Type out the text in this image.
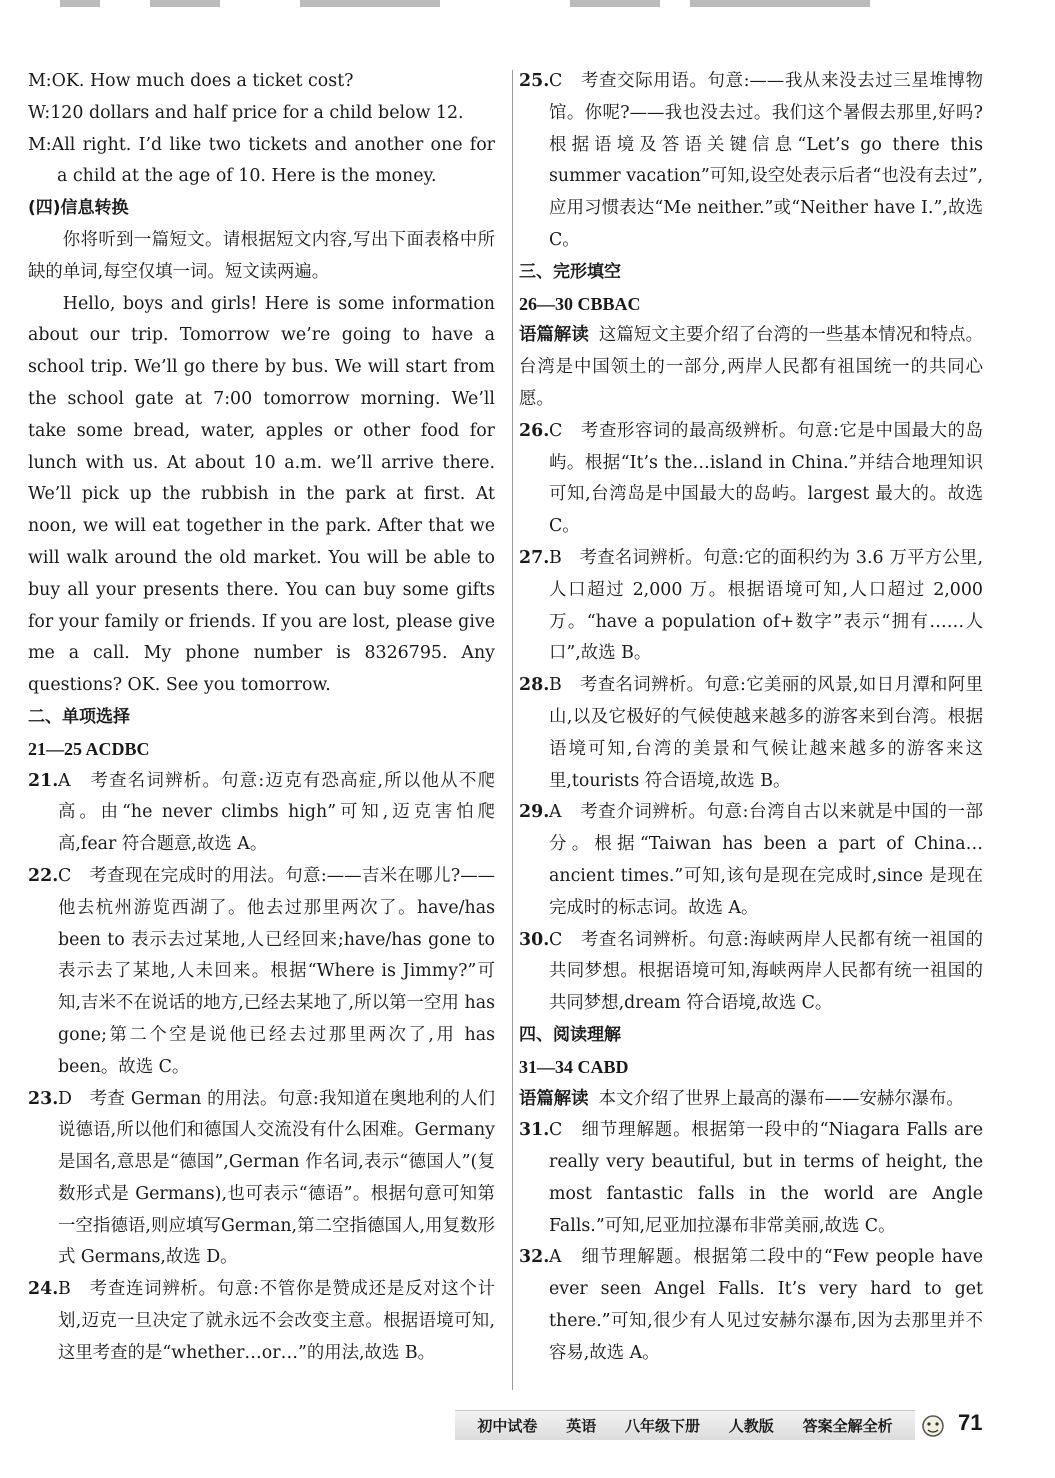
M:OK. How much does a ticket cost?

W:120 dollars and half price for a child below 12.

M:All right. I’d like two tickets and another one for a child at the age of 10. Here is the money.

(四)信息转换

你将听到一篇短文。请根据短文内容,写出下面表格中所缺的单词,每空仅填一词。短文读两遍。

Hello, boys and girls! Here is some information about our trip. Tomorrow we’re going to have a school trip. We’ll go there by bus. We will start from the school gate at 7:00 tomorrow morning. We’ll take some bread, water, apples or other food for lunch with us. At about 10 a.m. we’ll arrive there. We’ll pick up the rubbish in the park at first. At noon, we will eat together in the park. After that we will walk around the old market. You will be able to buy all your presents there. You can buy some gifts for your family or friends. If you are lost, please give me a call. My phone number is 8326795. Any questions? OK. See you tomorrow.

二、单项选择

21—25 ACDBC

21. A　考查名词辨析。句意:迈克有恐高症,所以他从不爬高。由“he never climbs high”可知,迈克害怕爬高,fear 符合题意,故选 A。
22. C　考查现在完成时的用法。句意:——吉米在哪儿?——他去杭州游览西湖了。他去过那里两次了。have/has been to 表示去过某地,人已经回来;have/has gone to 表示去了某地,人未回来。根据“Where is Jimmy?”可知,吉米不在说话的地方,已经去某地了,所以第一空用 has gone;第二个空是说他已经去过那里两次了,用 has been。故选 C。
23. D　考查 German 的用法。句意:我知道在奥地利的人们说德语,所以他们和德国人交流没有什么困难。Germany 是国名,意思是“德国”,German 作名词,表示“德国人”(复数形式是 Germans),也可表示“德语”。根据句意可知第一空指德语,则应填写German,第二空指德国人,用复数形式 Germans,故选 D。
24. B　考查连词辨析。句意:不管你是赞成还是反对这个计划,迈克一旦决定了就永远不会改变主意。根据语境可知,这里考查的是“whether…or…”的用法,故选 B。
25. C　考查交际用语。句意:——我从来没去过三星堆博物馆。你呢?——我也没去过。我们这个暑假去那里,好吗?根据语境及答语关键信息“Let’s go there this summer vacation”可知,设空处表示后者“也没有去过”,应用习惯表达“Me neither.”或“Neither have I.”,故选 C。

三、完形填空

26—30 CBBAC

语篇解读 这篇短文主要介绍了台湾的一些基本情况和特点。台湾是中国领土的一部分,两岸人民都有祖国统一的共同心愿。

26. C　考查形容词的最高级辨析。句意:它是中国最大的岛屿。根据“It’s the…island in China.”并结合地理知识可知,台湾岛是中国最大的岛屿。largest 最大的。故选 C。
27. B　考查名词辨析。句意:它的面积约为 3.6 万平方公里,人口超过 2,000 万。根据语境可知,人口超过 2,000 万。“have a population of+数字”表示“拥有……人口”,故选 B。
28. B　考查名词辨析。句意:它美丽的风景,如日月潭和阿里山,以及它极好的气候使越来越多的游客来到台湾。根据语境可知,台湾的美景和气候让越来越多的游客来这里,tourists 符合语境,故选 B。
29. A　考查介词辨析。句意:台湾自古以来就是中国的一部分。根据“Taiwan has been a part of China…ancient times.”可知,该句是现在完成时,since 是现在完成时的标志词。故选 A。
30. C　考查名词辨析。句意:海峡两岸人民都有统一祖国的共同梦想。根据语境可知,海峡两岸人民都有统一祖国的共同梦想,dream 符合语境,故选 C。

四、阅读理解

31—34 CABD

语篇解读 本文介绍了世界上最高的瀑布——安赫尔瀑布。

31. C　细节理解题。根据第一段中的“Niagara Falls are really very beautiful, but in terms of height, the most fantastic falls in the world are Angle Falls.”可知,尼亚加拉瀑布非常美丽,故选 C。
32. A　细节理解题。根据第二段中的“Few people have ever seen Angel Falls. It’s very hard to get there.”可知,很少有人见过安赫尔瀑布,因为去那里并不容易,故选 A。
初中试卷 英语 八年级下册 人教版 答案全解全析	71
